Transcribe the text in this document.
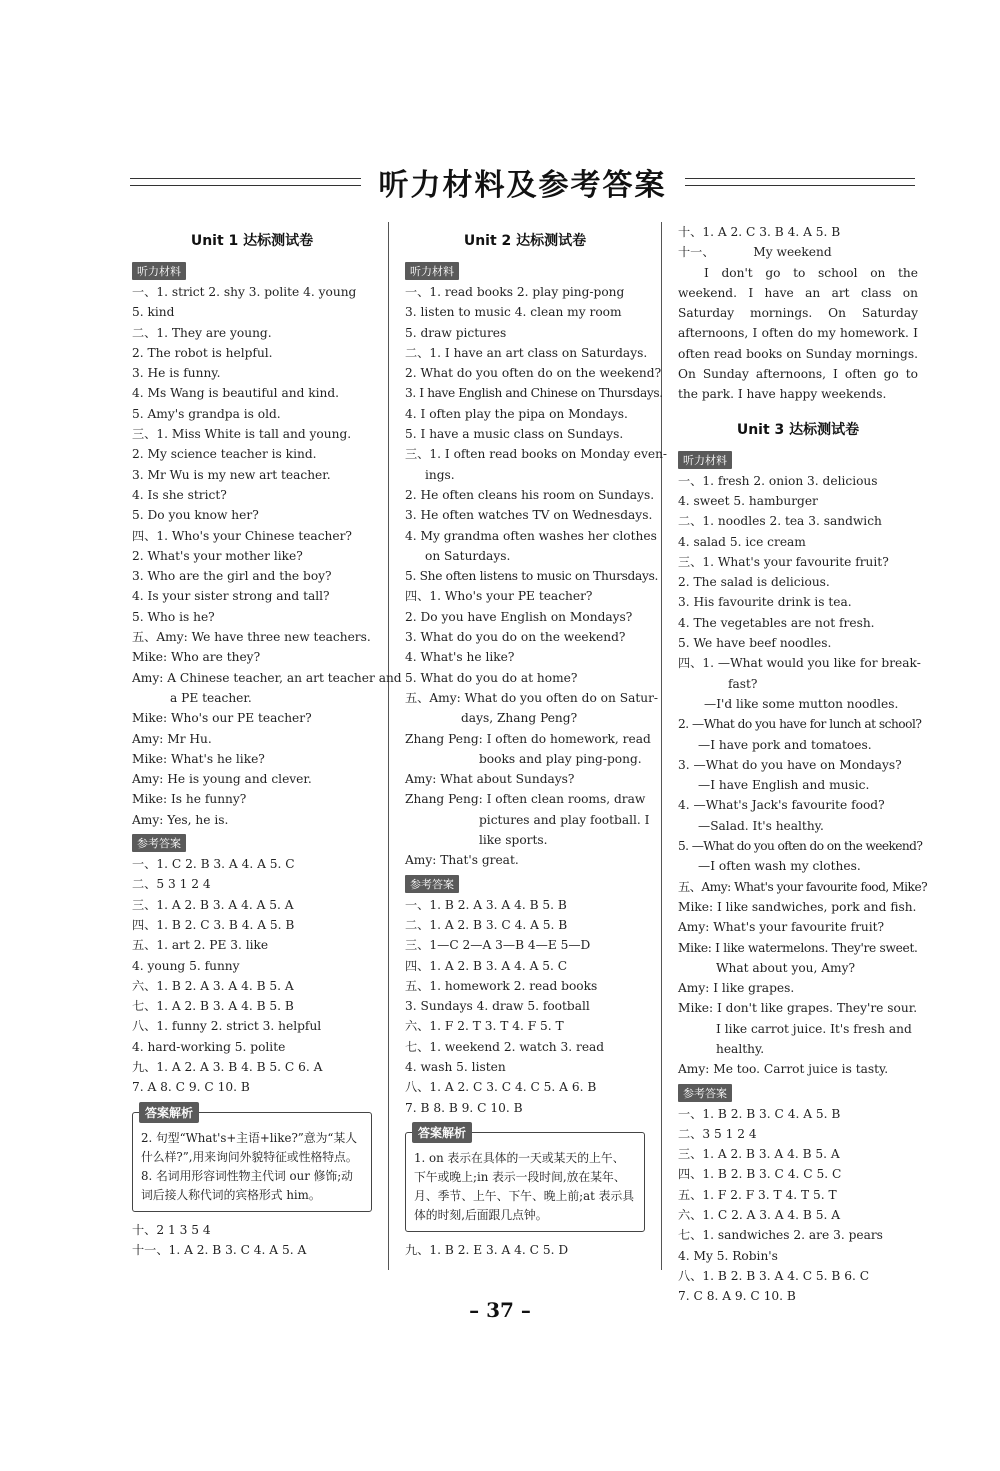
听力材料及参考答案
Unit 1 达标测试卷
听力材料
一、1. strict 2. shy 3. polite 4. young
5. kind
二、1. They are young.
2. The robot is helpful.
3. He is funny.
4. Ms Wang is beautiful and kind.
5. Amy's grandpa is old.
三、1. Miss White is tall and young.
2. My science teacher is kind.
3. Mr Wu is my new art teacher.
4. Is she strict?
5. Do you know her?
四、1. Who's your Chinese teacher?
2. What's your mother like?
3. Who are the girl and the boy?
4. Is your sister strong and tall?
5. Who is he?
五、Amy: We have three new teachers.
Mike: Who are they?
Amy: A Chinese teacher, an art teacher and
a PE teacher.
Mike: Who's our PE teacher?
Amy: Mr Hu.
Mike: What's he like?
Amy: He is young and clever.
Mike: Is he funny?
Amy: Yes, he is.
参考答案
一、1. C 2. B 3. A 4. A 5. C
二、5 3 1 2 4
三、1. A 2. B 3. A 4. A 5. A
四、1. B 2. C 3. B 4. A 5. B
五、1. art 2. PE 3. like
4. young 5. funny
六、1. B 2. A 3. A 4. B 5. A
七、1. A 2. B 3. A 4. B 5. B
八、1. funny 2. strict 3. helpful
4. hard-working 5. polite
九、1. A 2. A 3. B 4. B 5. C 6. A
7. A 8. C 9. C 10. B
答案解析
2. 句型“What's+主语+like?”意为“某人什么样?”,用来询问外貌特征或性格特点。
8. 名词用形容词性物主代词 our 修饰;动词后接人称代词的宾格形式 him。
十、2 1 3 5 4
十一、1. A 2. B 3. C 4. A 5. A
Unit 2 达标测试卷
听力材料
一、1. read books 2. play ping-pong
3. listen to music 4. clean my room
5. draw pictures
二、1. I have an art class on Saturdays.
2. What do you often do on the weekend?
3. I have English and Chinese on Thursdays.
4. I often play the pipa on Mondays.
5. I have a music class on Sundays.
三、1. I often read books on Monday even-
ings.
2. He often cleans his room on Sundays.
3. He often watches TV on Wednesdays.
4. My grandma often washes her clothes
on Saturdays.
5. She often listens to music on Thursdays.
四、1. Who's your PE teacher?
2. Do you have English on Mondays?
3. What do you do on the weekend?
4. What's he like?
5. What do you do at home?
五、Amy: What do you often do on Satur-
days, Zhang Peng?
Zhang Peng: I often do homework, read
books and play ping-pong.
Amy: What about Sundays?
Zhang Peng: I often clean rooms, draw
pictures and play football. I
like sports.
Amy: That's great.
参考答案
一、1. B 2. A 3. A 4. B 5. B
二、1. A 2. B 3. C 4. A 5. B
三、1—C 2—A 3—B 4—E 5—D
四、1. A 2. B 3. A 4. A 5. C
五、1. homework 2. read books
3. Sundays 4. draw 5. football
六、1. F 2. T 3. T 4. F 5. T
七、1. weekend 2. watch 3. read
4. wash 5. listen
八、1. A 2. C 3. C 4. C 5. A 6. B
7. B 8. B 9. C 10. B
答案解析
1. on 表示在具体的一天或某天的上午、下午或晚上;in 表示一段时间,放在某年、月、季节、上午、下午、晚上前;at 表示具体的时刻,后面跟几点钟。
九、1. B 2. E 3. A 4. C 5. D
十、1. A 2. C 3. B 4. A 5. B
十一、          My weekend
I don't go to school on the weekend. I have an art class on Saturday mornings. On Saturday afternoons, I often do my homework. I often read books on Sunday mornings. On Sunday afternoons, I often go to the park. I have happy weekends.
Unit 3 达标测试卷
听力材料
一、1. fresh 2. onion 3. delicious
4. sweet 5. hamburger
二、1. noodles 2. tea 3. sandwich
4. salad 5. ice cream
三、1. What's your favourite fruit?
2. The salad is delicious.
3. His favourite drink is tea.
4. The vegetables are not fresh.
5. We have beef noodles.
四、1. —What would you like for break-
fast?
—I'd like some mutton noodles.
2. —What do you have for lunch at school?
—I have pork and tomatoes.
3. —What do you have on Mondays?
—I have English and music.
4. —What's Jack's favourite food?
—Salad. It's healthy.
5. —What do you often do on the weekend?
—I often wash my clothes.
五、Amy: What's your favourite food, Mike?
Mike: I like sandwiches, pork and fish.
Amy: What's your favourite fruit?
Mike: I like watermelons. They're sweet.
What about you, Amy?
Amy: I like grapes.
Mike: I don't like grapes. They're sour.
I like carrot juice. It's fresh and
healthy.
Amy: Me too. Carrot juice is tasty.
参考答案
一、1. B 2. B 3. C 4. A 5. B
二、3 5 1 2 4
三、1. A 2. B 3. A 4. B 5. A
四、1. B 2. B 3. C 4. C 5. C
五、1. F 2. F 3. T 4. T 5. T
六、1. C 2. A 3. A 4. B 5. A
七、1. sandwiches 2. are 3. pears
4. My 5. Robin's
八、1. B 2. B 3. A 4. C 5. B 6. C
7. C 8. A 9. C 10. B
– 37 –
